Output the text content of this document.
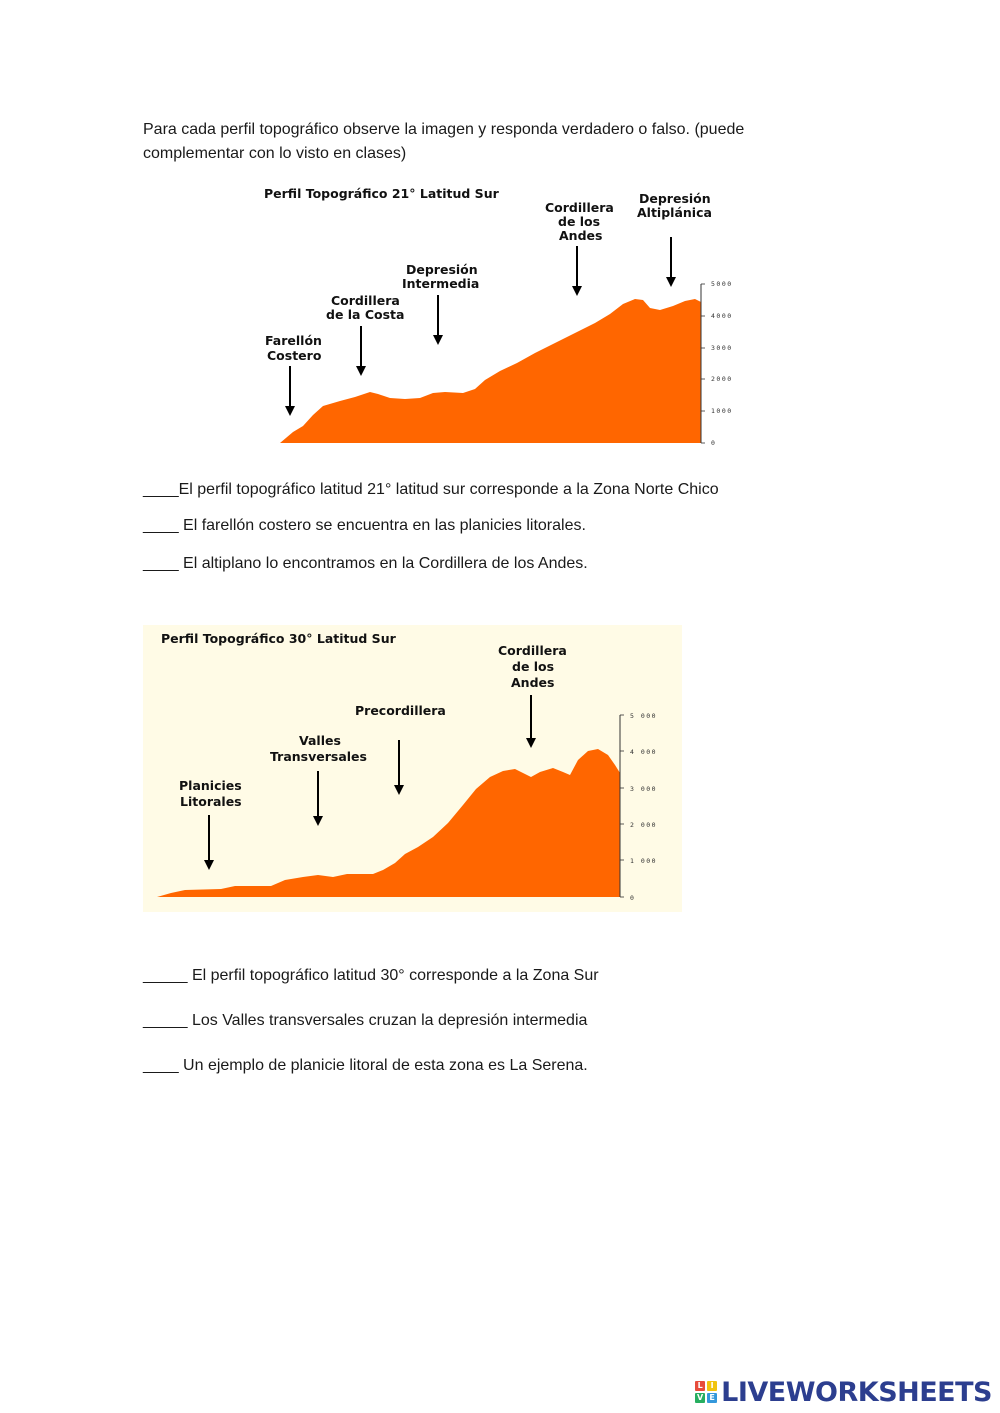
Para cada perfil topográfico observe la imagen y responda verdadero o falso. (puede
complementar con lo visto en clases)
Perfil Topográfico 21° Latitud Sur
5000
4000
3000
2000
1000
0
Farellón
Costero
Cordillera
de la Costa
Depresión
Intermedia
Cordillera
de los
Andes
Depresión
Altiplánica
____El perfil topográfico latitud 21° latitud sur corresponde a la Zona Norte Chico
____ El farellón costero se encuentra en las planicies litorales.
____ El altiplano lo encontramos en la Cordillera de los Andes.
Perfil Topográfico 30° Latitud Sur
5 000
4 000
3 000
2 000
1 000
0
Planicies
Litorales
Valles
Transversales
Precordillera
Cordillera
de los
Andes
_____ El perfil topográfico latitud 30° corresponde a la Zona Sur
_____ Los Valles transversales cruzan la depresión intermedia
____ Un ejemplo de planicie litoral de esta zona es La Serena.
L I
V E LIVEWORKSHEETS
